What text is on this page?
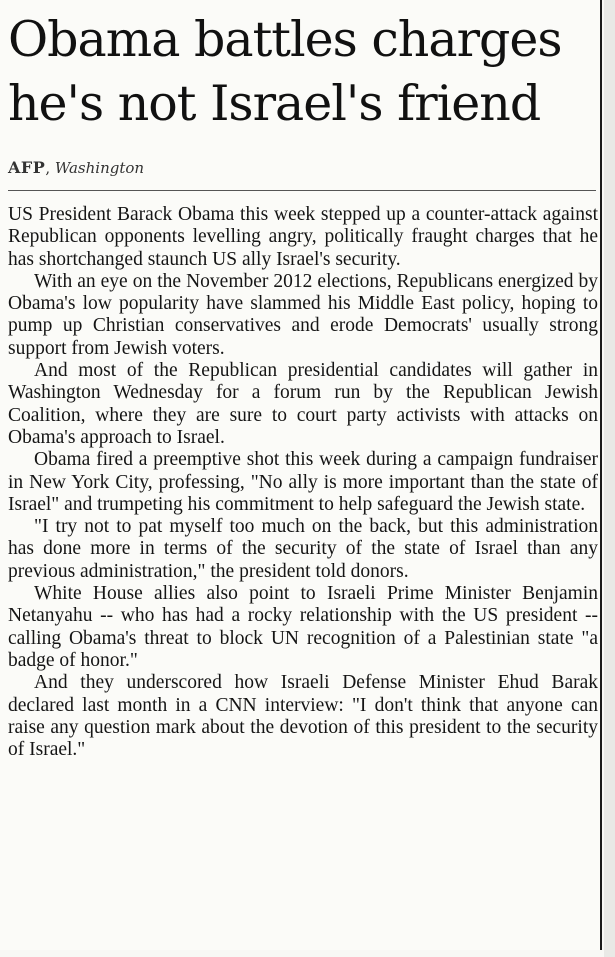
Obama battles charges he's not Israel's friend
AFP, Washington

US President Barack Obama this week stepped up a counter-attack against Republican opponents levelling angry, politically fraught charges that he has shortchanged staunch US ally Israel's security.

With an eye on the November 2012 elections, Republicans energized by Obama's low popularity have slammed his Middle East policy, hoping to pump up Christian conservatives and erode Democrats' usually strong support from Jewish voters.

And most of the Republican presidential candidates will gather in Washington Wednesday for a forum run by the Republican Jewish Coalition, where they are sure to court party activists with attacks on Obama's approach to Israel.

Obama fired a preemptive shot this week during a campaign fundraiser in New York City, professing, "No ally is more important than the state of Israel" and trumpeting his commitment to help safeguard the Jewish state.

"I try not to pat myself too much on the back, but this administration has done more in terms of the security of the state of Israel than any previous administration," the president told donors.

White House allies also point to Israeli Prime Minister Benjamin Netanyahu -- who has had a rocky relationship with the US president -- calling Obama's threat to block UN recognition of a Palestinian state "a badge of honor."

And they underscored how Israeli Defense Minister Ehud Barak declared last month in a CNN interview: "I don't think that anyone can raise any question mark about the devotion of this president to the security of Israel."
